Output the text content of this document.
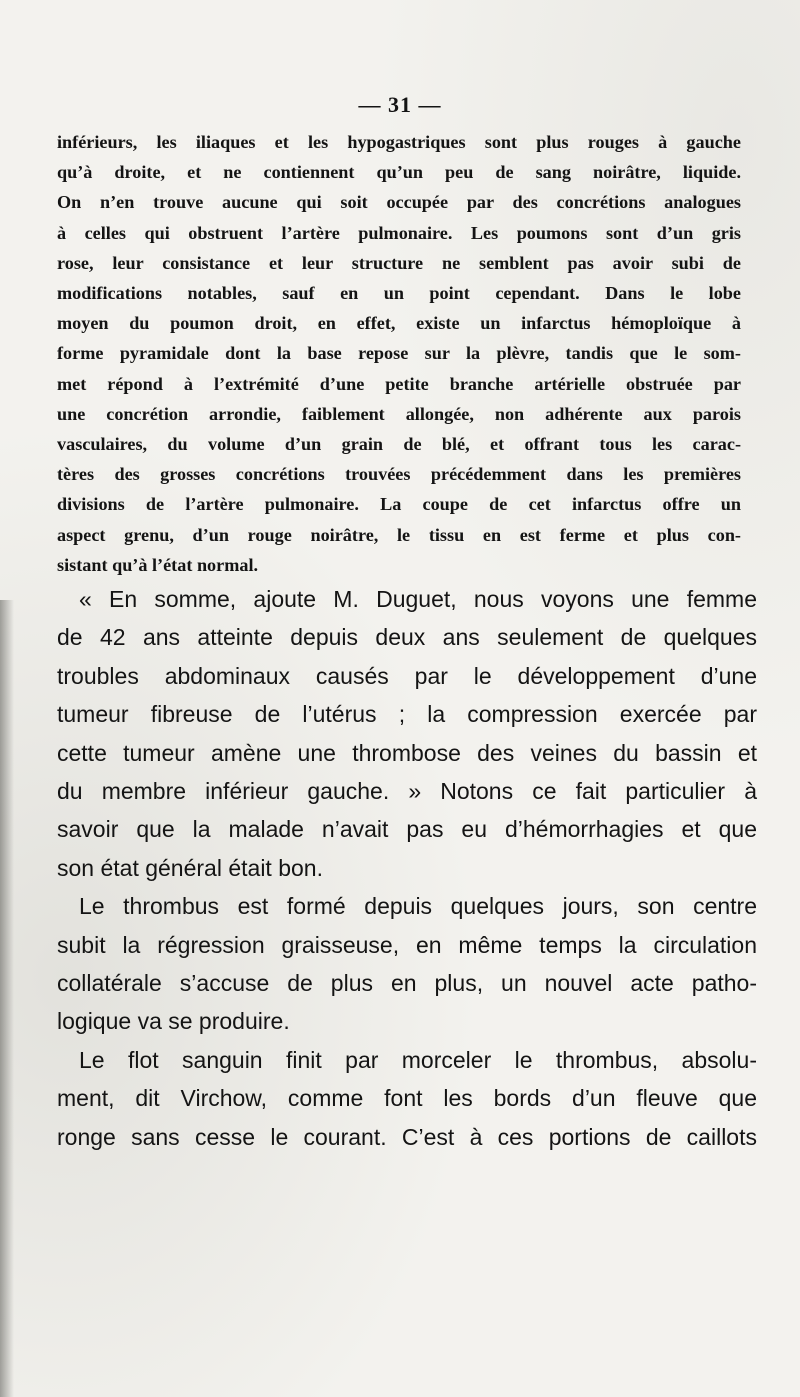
— 31 —
inférieurs, les iliaques et les hypogastriques sont plus rouges à gauche
qu’à droite, et ne contiennent qu’un peu de sang noirâtre, liquide.
On n’en trouve aucune qui soit occupée par des concrétions analogues
à celles qui obstruent l’artère pulmonaire. Les poumons sont d’un gris
rose, leur consistance et leur structure ne semblent pas avoir subi de
modifications notables, sauf en un point cependant. Dans le lobe
moyen du poumon droit, en effet, existe un infarctus hémoploïque à
forme pyramidale dont la base repose sur la plèvre, tandis que le som-
met répond à l’extrémité d’une petite branche artérielle obstruée par
une concrétion arrondie, faiblement allongée, non adhérente aux parois
vasculaires, du volume d’un grain de blé, et offrant tous les carac-
tères des grosses concrétions trouvées précédemment dans les premières
divisions de l’artère pulmonaire. La coupe de cet infarctus offre un
aspect grenu, d’un rouge noirâtre, le tissu en est ferme et plus con-
sistant qu’à l’état normal.
« En somme, ajoute M. Duguet, nous voyons une femme
de 42 ans atteinte depuis deux ans seulement de quelques
troubles abdominaux causés par le développement d’une
tumeur fibreuse de l’utérus ; la compression exercée par
cette tumeur amène une thrombose des veines du bassin et
du membre inférieur gauche. » Notons ce fait particulier à
savoir que la malade n’avait pas eu d’hémorrhagies et que
son état général était bon.
Le thrombus est formé depuis quelques jours, son centre
subit la régression graisseuse, en même temps la circulation
collatérale s’accuse de plus en plus, un nouvel acte patho-
logique va se produire.
Le flot sanguin finit par morceler le thrombus, absolu-
ment, dit Virchow, comme font les bords d’un fleuve que
ronge sans cesse le courant. C’est à ces portions de caillots
